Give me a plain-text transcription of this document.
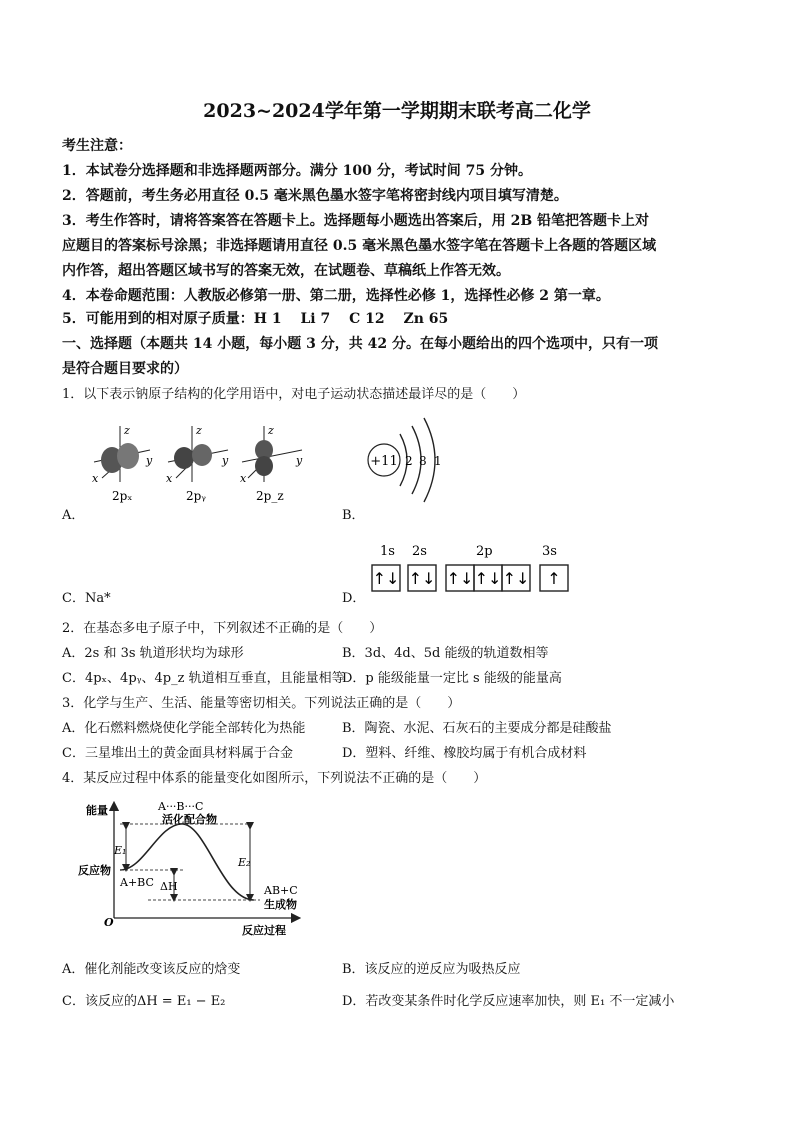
2023~2024学年第一学期期末联考高二化学
考生注意：
1．本试卷分选择题和非选择题两部分。满分 100 分，考试时间 75 分钟。
2．答题前，考生务必用直径 0.5 毫米黑色墨水签字笔将密封线内项目填写清楚。
3．考生作答时，请将答案答在答题卡上。选择题每小题选出答案后，用 2B 铅笔把答题卡上对
应题目的答案标号涂黑；非选择题请用直径 0.5 毫米黑色墨水签字笔在答题卡上各题的答题区域
内作答，超出答题区域书写的答案无效，在试题卷、草稿纸上作答无效。
4．本卷命题范围：人教版必修第一册、第二册，选择性必修 1，选择性必修 2 第一章。
5．可能用到的相对原子质量：H 1　 Li 7　 C 12　 Zn 65
一、选择题（本题共 14 小题，每小题 3 分，共 42 分。在每小题给出的四个选项中，只有一项
是符合题目要求的）
1．以下表示钠原子结构的化学用语中，对电子运动状态描述最详尽的是（　　）
z
y
x
2pₓ
z
y
x
2pᵧ
z
y
x
2p_z
+11 2 8 1
A．	B．
1s 2s	2p	3s
↑↓ ↑↓ ↑↓ ↑↓ ↑↓ ↑
C．Na*	D．
2．在基态多电子原子中，下列叙述不正确的是（　　）
A．2s 和 3s 轨道形状均为球形	B．3d、4d、5d 能级的轨道数相等
C．4pₓ、4pᵧ、4p_z 轨道相互垂直，且能量相等
D．p 能级能量一定比 s 能级的能量高
3．化学与生产、生活、能量等密切相关。下列说法正确的是（　　）
A．化石燃料燃烧使化学能全部转化为热能	B．陶瓷、水泥、石灰石的主要成分都是硅酸盐
C．三星堆出土的黄金面具材料属于合金	D．塑料、纤维、橡胶均属于有机合成材料
4．某反应过程中体系的能量变化如图所示，下列说法不正确的是（　　）
能量
反应过程
O
A···B···C
活化配合物
反应物
A+BC
AB+C
生成物
E₁
E₂
ΔH
A．催化剂能改变该反应的焓变	B．该反应的逆反应为吸热反应
C．该反应的ΔH = E₁ − E₂	D．若改变某条件时化学反应速率加快，则 E₁ 不一定减小
